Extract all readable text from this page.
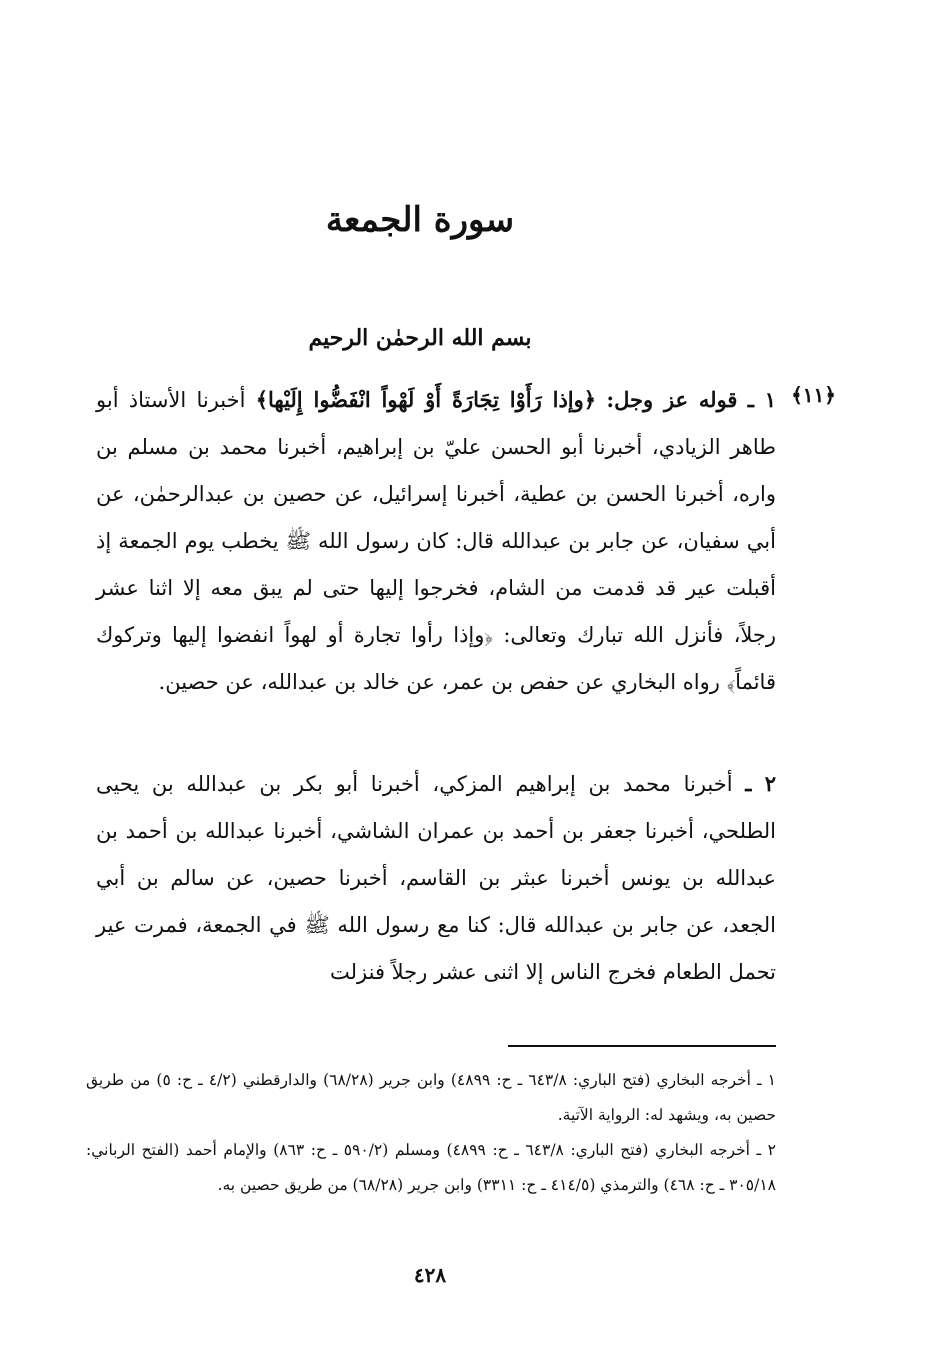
سورة الجمعة
بسم الله الرحمٰن الرحيم
﴿١١﴾
١ ـ قوله عز وجل: ﴿وإذا رَأَوْا تِجَارَةً أَوْ لَهْواً انْفَضُّوا إِلَيْها﴾ أخبرنا الأستاذ أبو طاهر الزيادي، أخبرنا أبو الحسن عليّ بن إبراهيم، أخبرنا محمد بن مسلم بن واره، أخبرنا الحسن بن عطية، أخبرنا إسرائيل، عن حصين بن عبدالرحمٰن، عن أبي سفيان، عن جابر بن عبدالله قال: كان رسول الله ﷺ يخطب يوم الجمعة إذ أقبلت عير قد قدمت من الشام، فخرجوا إليها حتى لم يبق معه إلا اثنا عشر رجلاً، فأنزل الله تبارك وتعالى: ﴿وإذا رأوا تجارة أو لهواً انفضوا إليها وتركوك قائماً﴾ رواه البخاري عن حفص بن عمر، عن خالد بن عبدالله، عن حصين.
٢ ـ أخبرنا محمد بن إبراهيم المزكي، أخبرنا أبو بكر بن عبدالله بن يحيى الطلحي، أخبرنا جعفر بن أحمد بن عمران الشاشي، أخبرنا عبدالله بن أحمد بن عبدالله بن يونس أخبرنا عبثر بن القاسم، أخبرنا حصين، عن سالم بن أبي الجعد، عن جابر بن عبدالله قال: كنا مع رسول الله ﷺ في الجمعة، فمرت عير تحمل الطعام فخرج الناس إلا اثنى عشر رجلاً فنزلت

١ ـ أخرجه البخاري (فتح الباري: ٦٤٣/٨ ـ ح: ٤٨٩٩) وابن جرير (٦٨/٢٨) والدارقطني (٤/٢ ـ ح: ٥) من طريق حصين به، ويشهد له: الرواية الآتية.

٢ ـ أخرجه البخاري (فتح الباري: ٦٤٣/٨ ـ ح: ٤٨٩٩) ومسلم (٥٩٠/٢ ـ ح: ٨٦٣) والإمام أحمد (الفتح الرباني: ٣٠٥/١٨ ـ ح: ٤٦٨) والترمذي (٤١٤/٥ ـ ح: ٣٣١١) وابن جرير (٦٨/٢٨) من طريق حصين به.

٤٢٨
